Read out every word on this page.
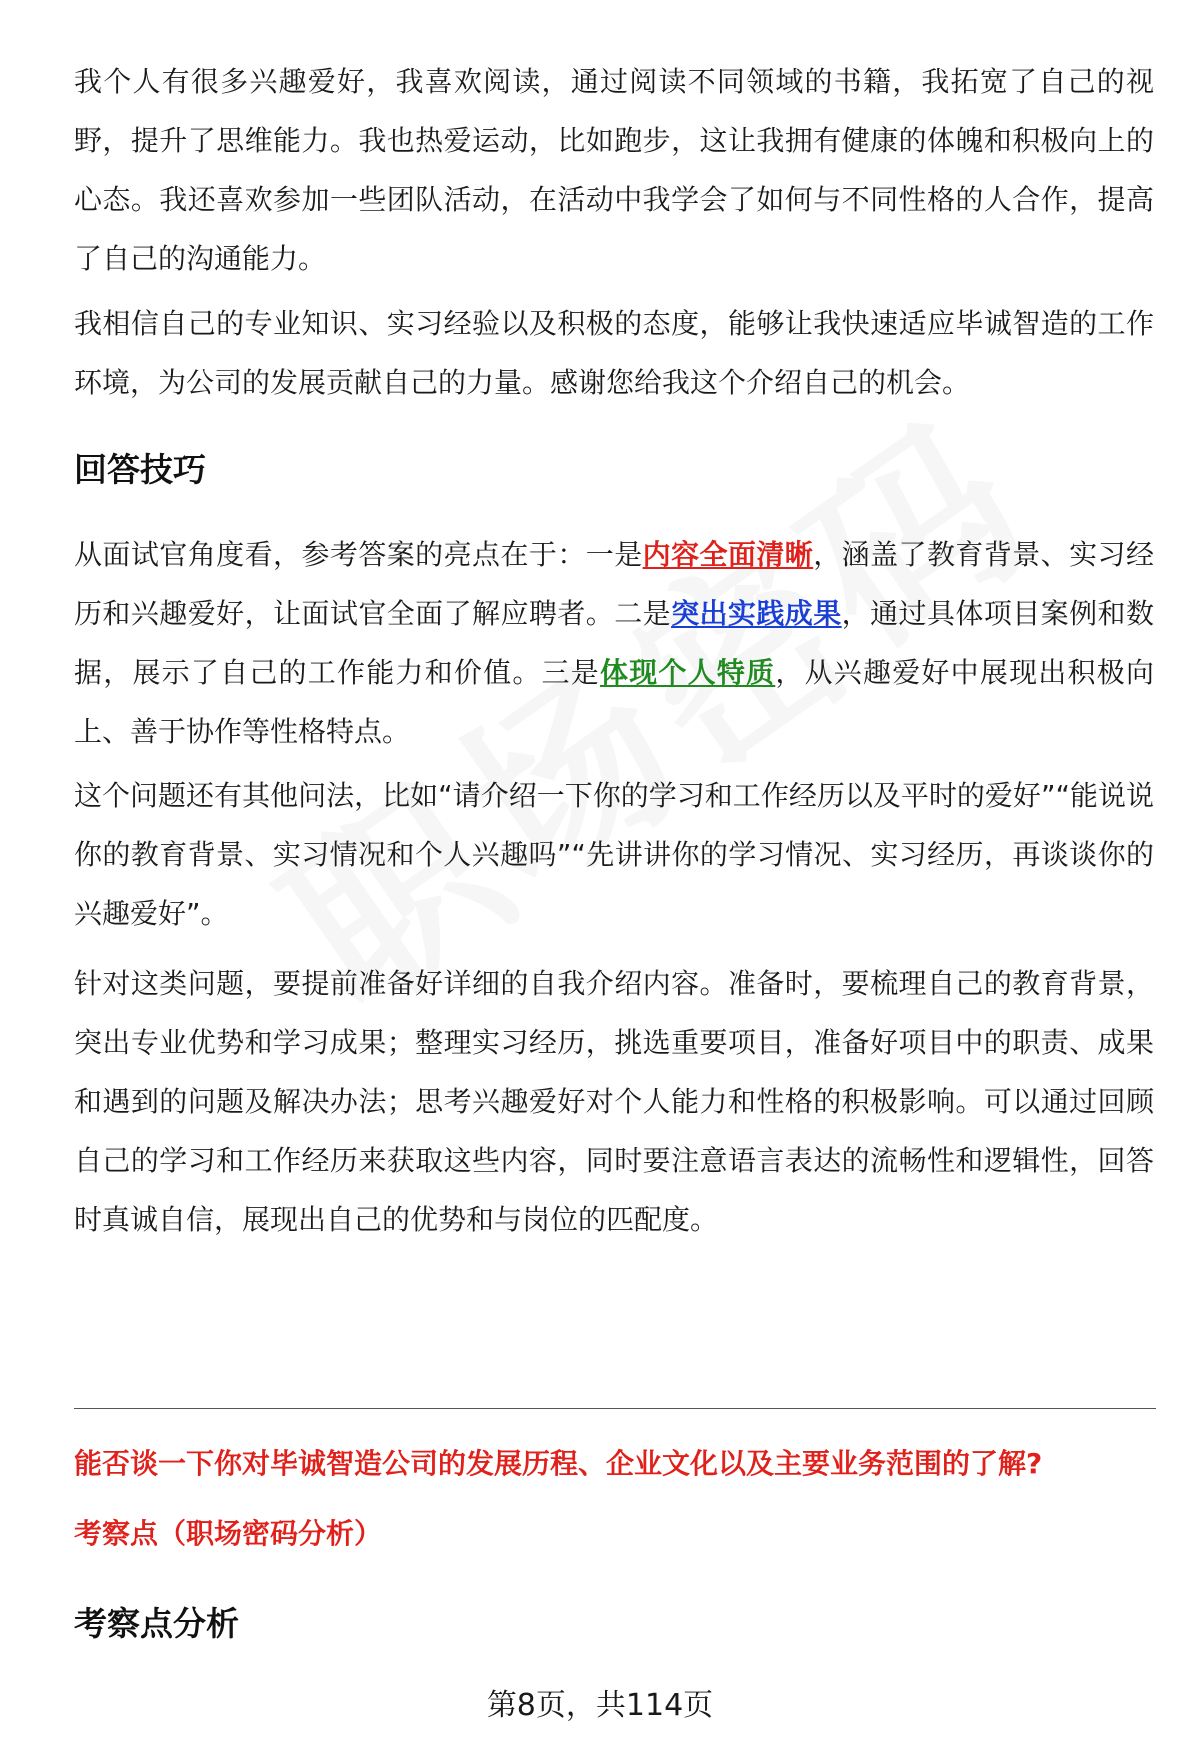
我个人有很多兴趣爱好，我喜欢阅读，通过阅读不同领域的书籍，我拓宽了自己的视野，提升了思维能力。我也热爱运动，比如跑步，这让我拥有健康的体魄和积极向上的心态。我还喜欢参加一些团队活动，在活动中我学会了如何与不同性格的人合作，提高了自己的沟通能力。

我相信自己的专业知识、实习经验以及积极的态度，能够让我快速适应毕诚智造的工作环境，为公司的发展贡献自己的力量。感谢您给我这个介绍自己的机会。

回答技巧

从面试官角度看，参考答案的亮点在于：一是内容全面清晰，涵盖了教育背景、实习经历和兴趣爱好，让面试官全面了解应聘者。二是突出实践成果，通过具体项目案例和数据，展示了自己的工作能力和价值。三是体现个人特质，从兴趣爱好中展现出积极向上、善于协作等性格特点。

这个问题还有其他问法，比如“请介绍一下你的学习和工作经历以及平时的爱好”“能说说你的教育背景、实习情况和个人兴趣吗”“先讲讲你的学习情况、实习经历，再谈谈你的兴趣爱好”。

针对这类问题，要提前准备好详细的自我介绍内容。准备时，要梳理自己的教育背景，突出专业优势和学习成果；整理实习经历，挑选重要项目，准备好项目中的职责、成果和遇到的问题及解决办法；思考兴趣爱好对个人能力和性格的积极影响。可以通过回顾自己的学习和工作经历来获取这些内容，同时要注意语言表达的流畅性和逻辑性，回答时真诚自信，展现出自己的优势和与岗位的匹配度。

能否谈一下你对毕诚智造公司的发展历程、企业文化以及主要业务范围的了解?
考察点（职场密码分析）
考察点分析
第8页，共114页
